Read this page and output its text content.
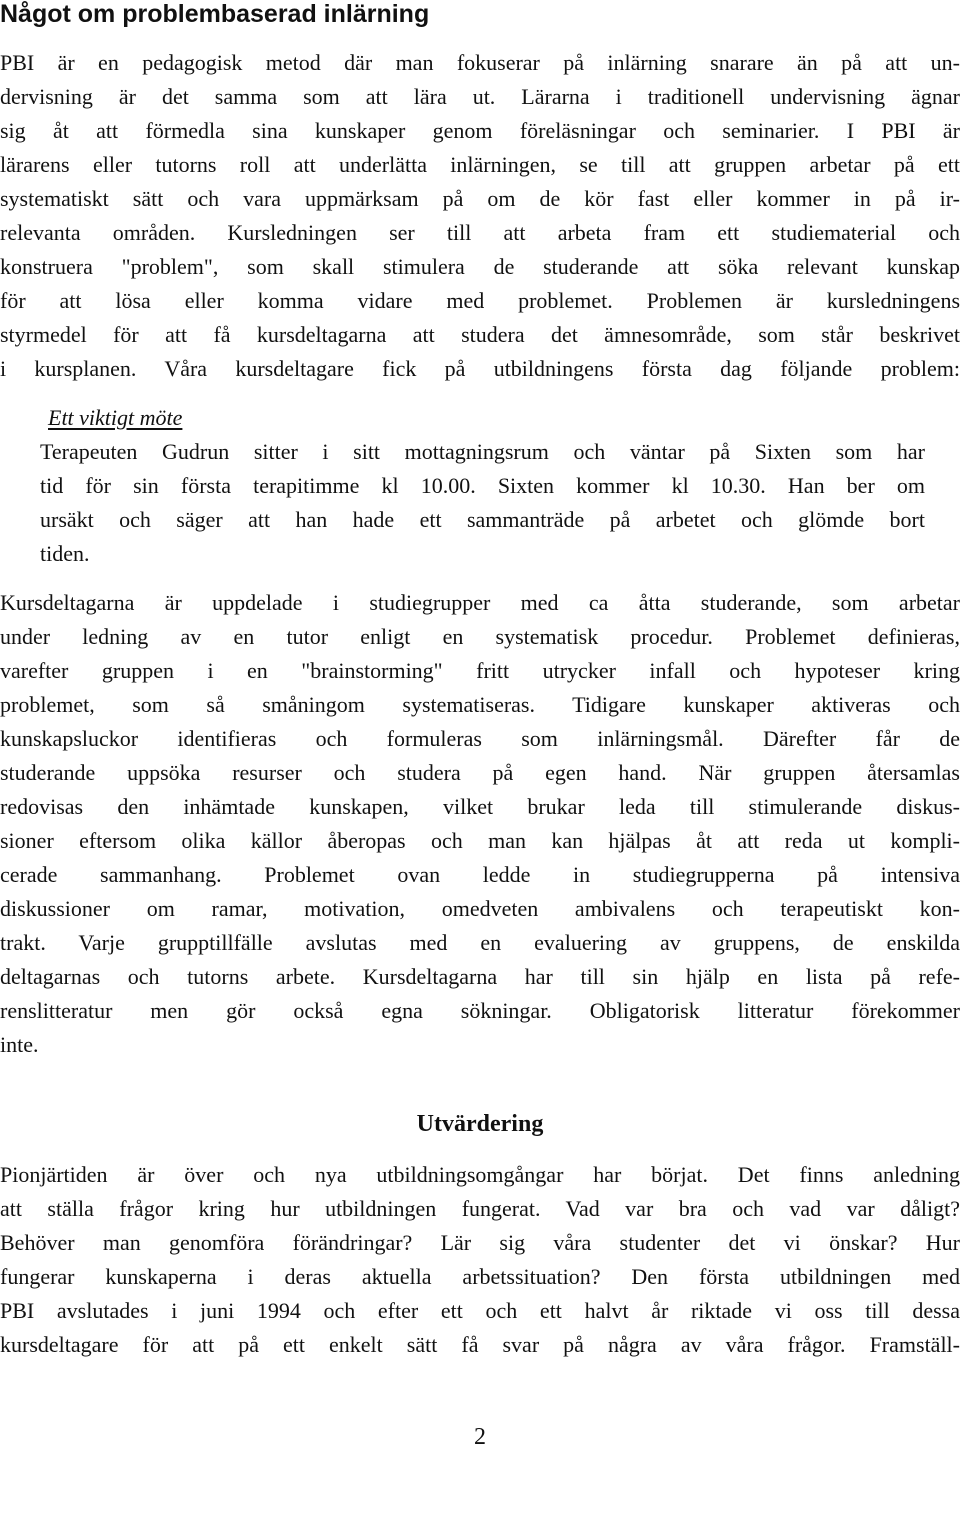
Något om problembaserad inlärning
PBI är en pedagogisk metod där man fokuserar på inlärning snarare än på att un-
dervisning är det samma som att lära ut. Lärarna i traditionell undervisning ägnar
sig åt att förmedla sina kunskaper genom föreläsningar och seminarier. I PBI är
lärarens eller tutorns roll att underlätta inlärningen, se till att gruppen arbetar på ett
systematiskt sätt och vara uppmärksam på om de kör fast eller kommer in på ir-
relevanta områden. Kursledningen ser till att arbeta fram ett studiematerial och
konstruera "problem", som skall stimulera de studerande att söka relevant kunskap
för att lösa eller komma vidare med problemet. Problemen är kursledningens
styrmedel för att få kursdeltagarna att studera det ämnesområde, som står beskrivet
i kursplanen. Våra kursdeltagare fick på utbildningens första dag följande problem:
Ett viktigt möte
Terapeuten Gudrun sitter i sitt mottagningsrum och väntar på Sixten som har
tid för sin första terapitimme kl 10.00. Sixten kommer kl 10.30. Han ber om
ursäkt och säger att han hade ett sammanträde på arbetet och glömde bort
tiden.
Kursdeltagarna är uppdelade i studiegrupper med ca åtta studerande, som arbetar
under ledning av en tutor enligt en systematisk procedur. Problemet definieras,
varefter gruppen i en "brainstorming" fritt utrycker infall och hypoteser kring
problemet, som så småningom systematiseras. Tidigare kunskaper aktiveras och
kunskapsluckor identifieras och formuleras som inlärningsmål. Därefter får de
studerande uppsöka resurser och studera på egen hand. När gruppen återsamlas
redovisas den inhämtade kunskapen, vilket brukar leda till stimulerande diskus-
sioner eftersom olika källor åberopas och man kan hjälpas åt att reda ut kompli-
cerade sammanhang. Problemet ovan ledde in studiegrupperna på intensiva
diskussioner om ramar, motivation, omedveten ambivalens och terapeutiskt kon-
trakt. Varje grupptillfälle avslutas med en evaluering av gruppens, de enskilda
deltagarnas och tutorns arbete. Kursdeltagarna har till sin hjälp en lista på refe-
renslitteratur men gör också egna sökningar. Obligatorisk litteratur förekommer
inte.
Utvärdering
Pionjärtiden är över och nya utbildningsomgångar har börjat. Det finns anledning
att ställa frågor kring hur utbildningen fungerat. Vad var bra och vad var dåligt?
Behöver man genomföra förändringar? Lär sig våra studenter det vi önskar? Hur
fungerar kunskaperna i deras aktuella arbetssituation? Den första utbildningen med
PBI avslutades i juni 1994 och efter ett och ett halvt år riktade vi oss till dessa
kursdeltagare för att på ett enkelt sätt få svar på några av våra frågor. Framställ-
2
